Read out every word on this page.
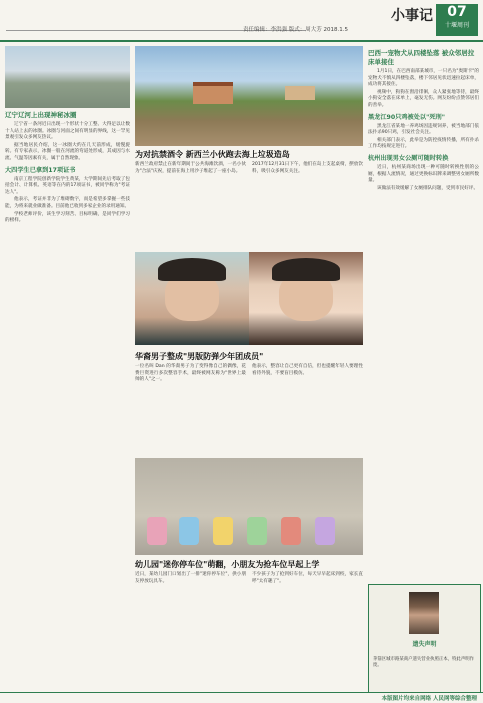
小事记
责任编辑：李洪强 版式：周大芳 2018.1.5
07
十堰周刊
辽宁辽河上出现神秘冰圈

辽宁省一条河近日出现一个形状十分工整、大得足以让数十人站上去的冰圈。冰圈与河面之间有明显的界线，这一罕见景观引发众多网友热议。

据当地居民介绍，这一冰圈大约在几天前形成，缓慢旋转。有专家表示，冰圈一般在河流的弯道处形成，其成因与水流、气温等因素有关，属于自然现象。

大四学生已拿到17项证书

南京工程学院创新学院学生黄某，大学期间先后考取了包括会计、计算机、英语等在内的17项证书，被同学称为"考证达人"。

他表示，考证并非为了堆砌数字，而是希望多掌握一些技能，为将来就业做准备。目前他已收到多家企业的录用通知。

学校老师评价，该生学习刻苦、目标明确，是同学们学习的榜样。

为对抗禁酒令 新西兰小伙跑去海上垃圾造岛
新西兰政府禁止在新年期间于公共海滩饮酒，一名小伙为"合法"庆祝，提前在海上用沙子堆起了一座小岛。
2017年12月31日下午，他们在岛上支起桌椅，摆放饮料，吸引众多网友关注。
华裔男子整成"男版防弹少年团成员"
一位名叫 Dan 的华裔男子为了变得像自己的偶像，花费巨资进行多次整容手术，最终被网友称为"世界上最帅的人"之一。
他表示，整容让自己更有自信，但也提醒年轻人要理性看待外貌，不要盲目模仿。
幼儿园"迷你停车位"萌翻，小朋友为抢车位早起上学
近日，某幼儿园门口划出了一排"迷你停车位"，供小朋友停放玩具车。
不少孩子为了抢到好车位，每天早早起床到校，家长直呼"太有趣了"。
巴西一宠物犬从四楼坠落 被众邻居拉床单接住

1月1日，在巴西南部某城市，一只名为"奥斯卡"的宠物犬不慎从四楼坠落，楼下邻居见状迅速拉起床单，成功将其接住。

视频中，狗狗在窗沿徘徊，众人紧张地等待，最终小狗安全落在床单上，毫发无伤。网友纷纷点赞邻居们的善举。

黑龙江90只鸡被处以"死刑"

黑龙江省某地一养鸡场因违规饲养，被当地部门依法扑杀90只鸡，引发社会关注。

相关部门表示，此举是为防控疫情传播，所有扑杀工作均按规定进行。

杭州出现男女公厕可随时转换

近日，杭州某商场出现一种可随时转换性别的公厕，根据人流情况，通过更换标识牌来调整男女厕所数量。

该做法有效缓解了女厕排队问题，受到市民好评。

遗失声明
茅箭区城市路某商户遗失营业执照正本，特此声明作废。
本版图片均来自网络 人民网等综合整理
